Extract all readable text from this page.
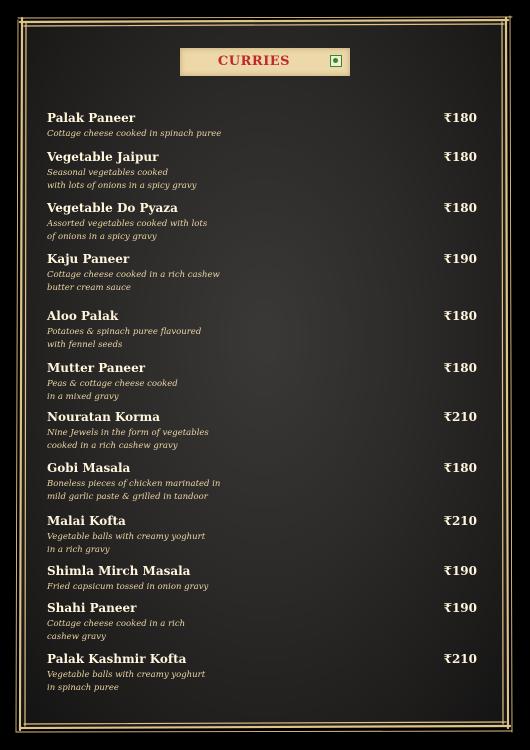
CURRIES
Palak Paneer	₹180
Cottage cheese cooked in spinach puree
Vegetable Jaipur	₹180
Seasonal vegetables cooked
with lots of onions in a spicy gravy
Vegetable Do Pyaza	₹180
Assorted vegetables cooked with lots
of onions in a spicy gravy
Kaju Paneer	₹190
Cottage cheese cooked in a rich cashew
butter cream sauce
Aloo Palak	₹180
Potatoes & spinach puree flavoured
with fennel seeds
Mutter Paneer	₹180
Peas & cottage cheese cooked
in a mixed gravy
Nouratan Korma	₹210
Nine Jewels in the form of vegetables
cooked in a rich cashew gravy
Gobi Masala	₹180
Boneless pieces of chicken marinated in
mild garlic paste & grilled in tandoor
Malai Kofta	₹210
Vegetable balls with creamy yoghurt
in a rich gravy
Shimla Mirch Masala	₹190
Fried capsicum tossed in onion gravy
Shahi Paneer	₹190
Cottage cheese cooked in a rich
cashew gravy
Palak Kashmir Kofta	₹210
Vegetable balls with creamy yoghurt
in spinach puree
